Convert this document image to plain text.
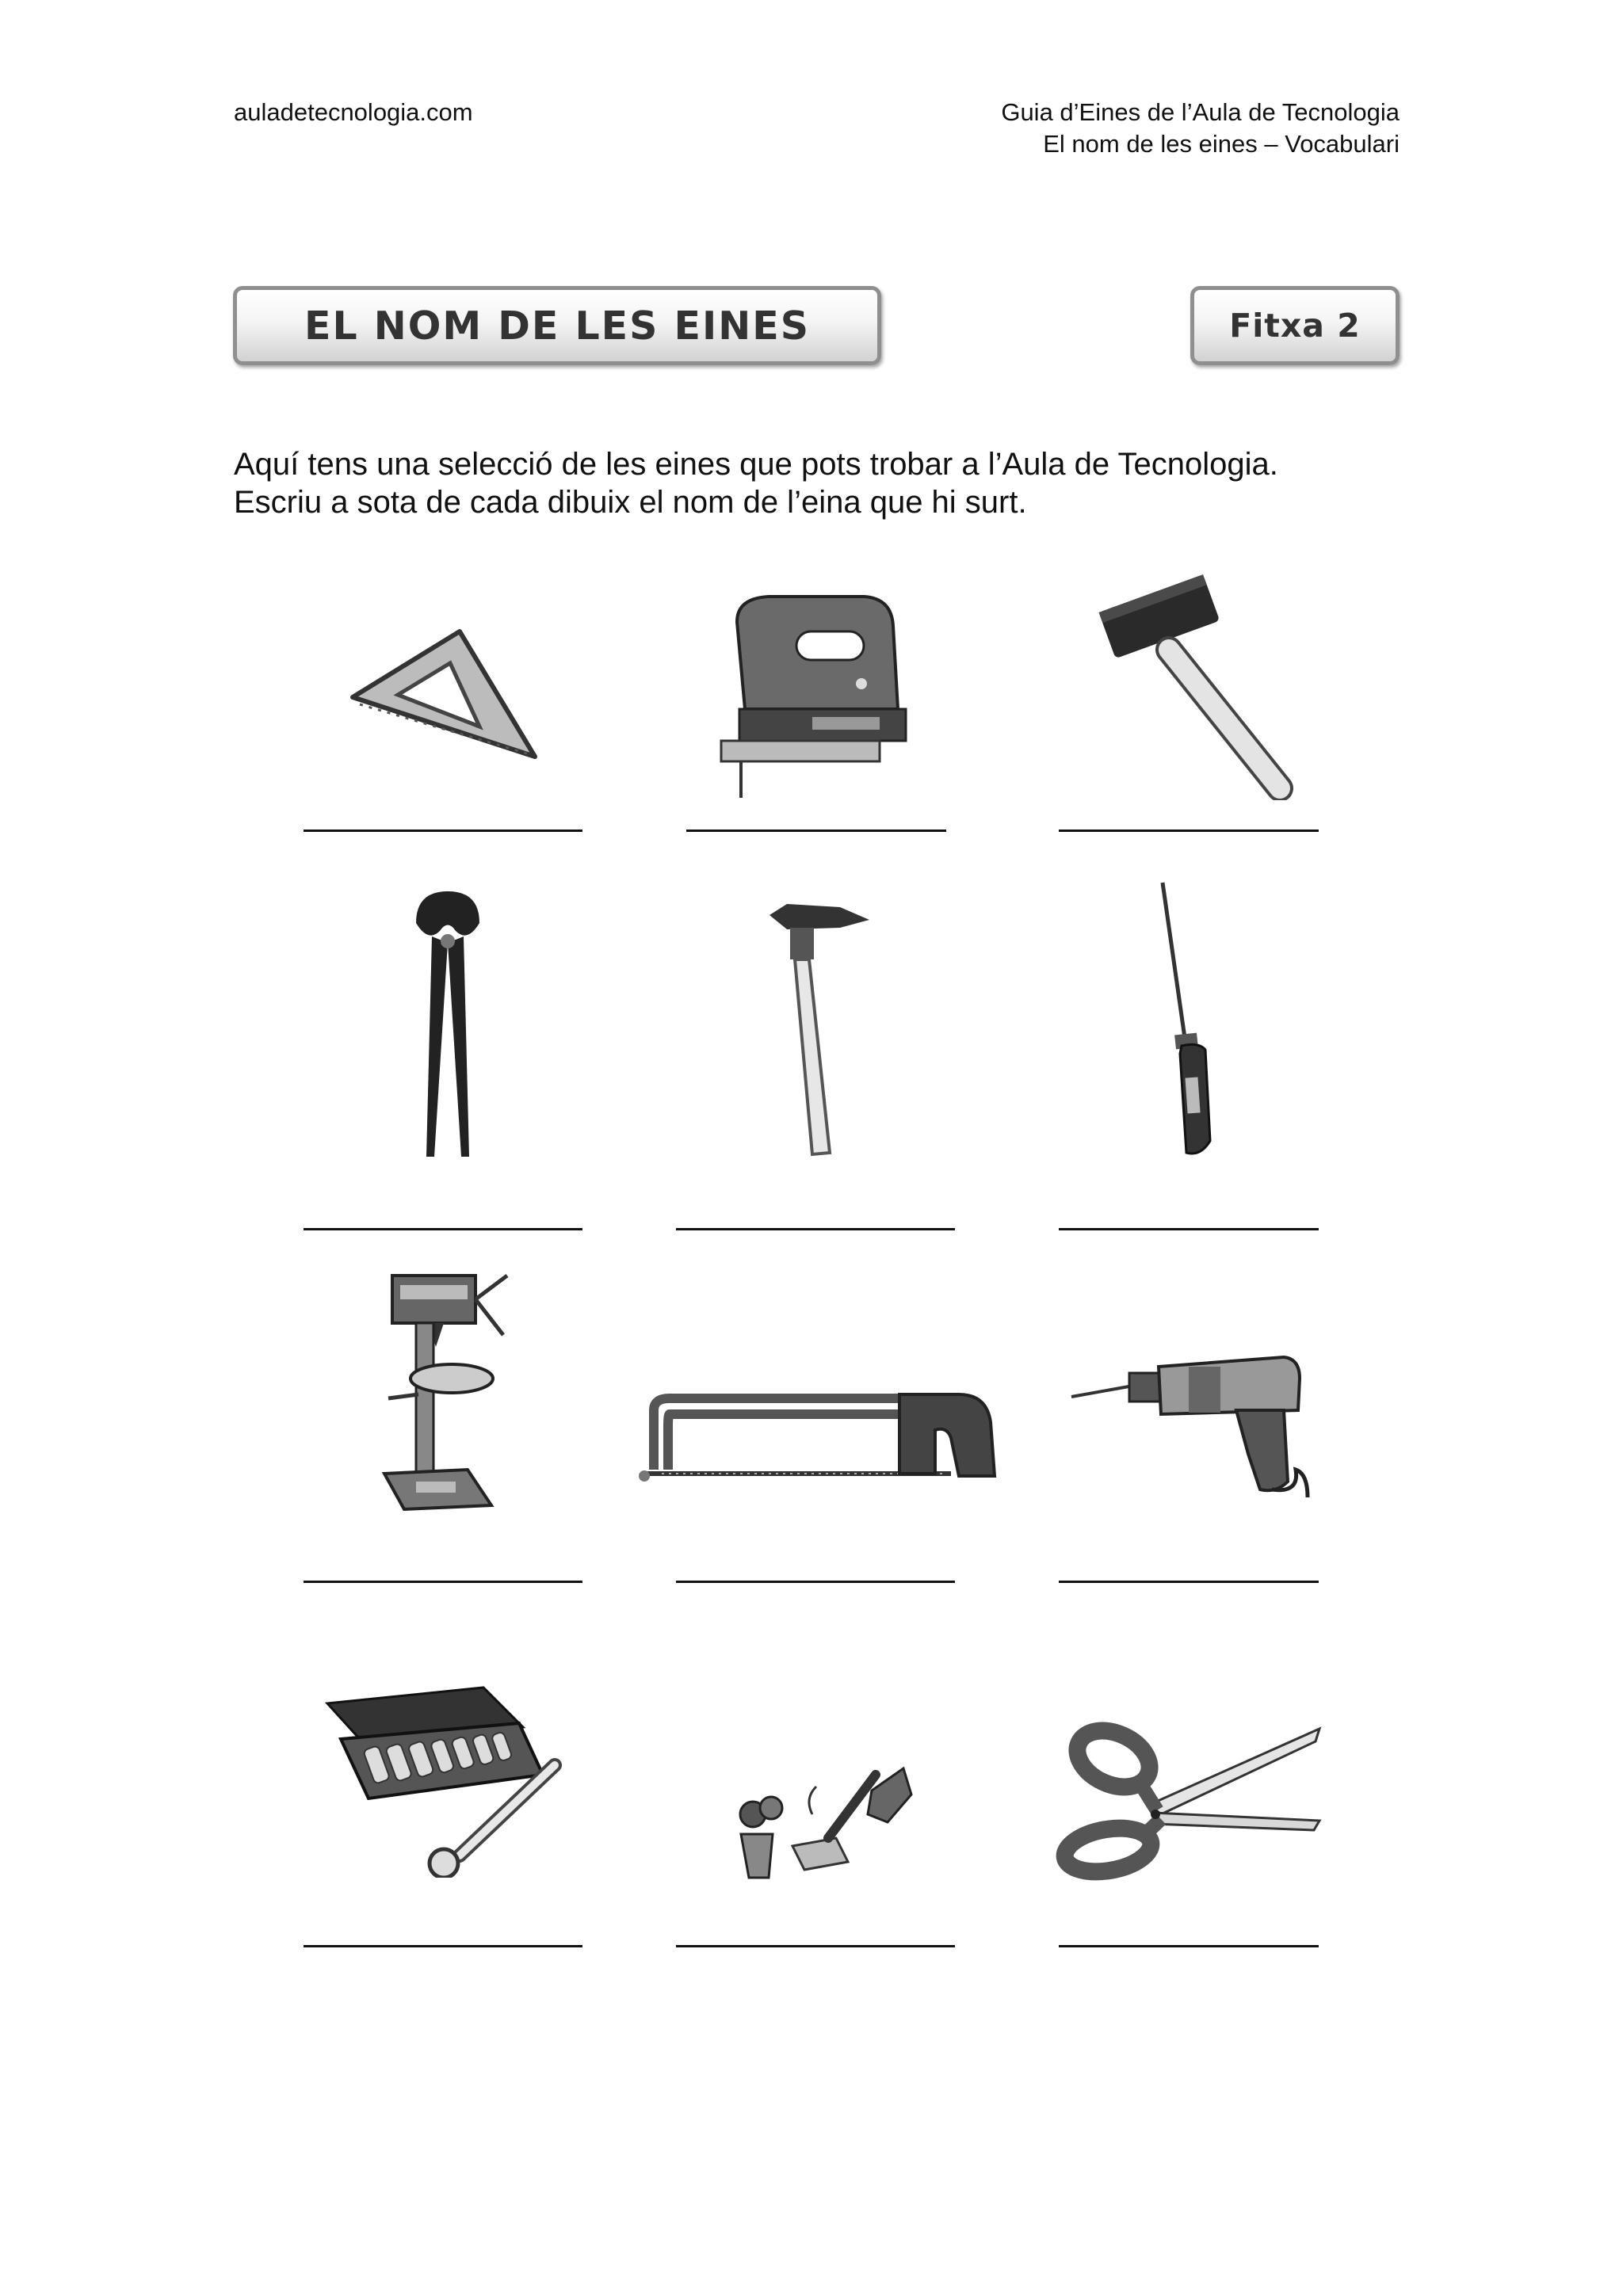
auladetecnologia.com	Guia d’Eines de l’Aula de Tecnologia
El nom de les eines – Vocabulari
EL NOM DE LES EINES	Fitxa 2
Aquí tens una selecció de les eines que pots trobar a l’Aula de Tecnologia.
Escriu a sota de cada dibuix el nom de l’eina que hi surt.
